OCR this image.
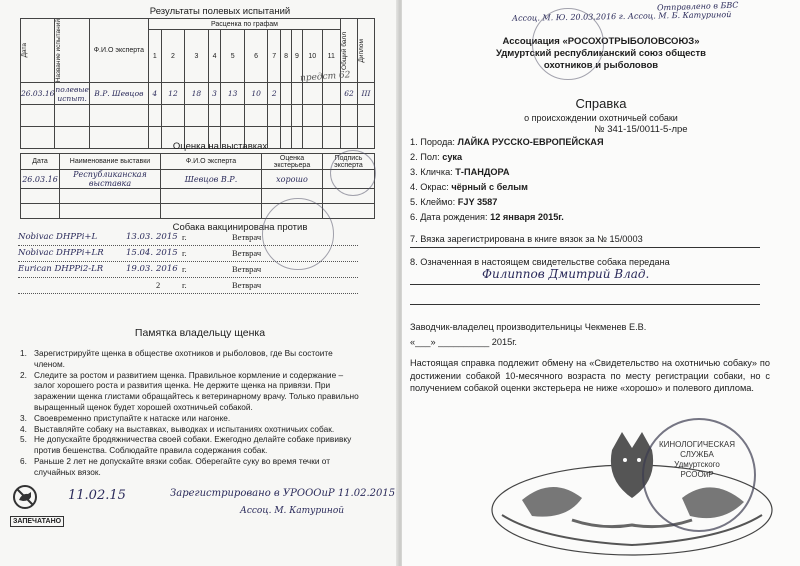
Результаты полевых испытаний
Дата	Название испытаний	Ф.И.О эксперта	Расценка по графам											Общий балл	Диплом

			1	2	3	4	5	6	7	8	9	10	11		
26.03.16	полевые испыт.	В.Р. Шевцов	4	12	18	3	13	10	2					62	ІІІ

предст 62
Оценка на выставках
Дата	Наименование выставки	Ф.И.О эксперта	Оценка экстерьера	Подпись эксперта
26.03.16	Республиканская выставка	Шевцов В.Р.	хорошо	

Собака вакцинирована против
Nobivac DHPPi+L	13.03. 2015 г.	Ветврач
Nobivac DHPPi+LR	15.04. 2015 г.	Ветврач
Eurican DHPPi2-LR	19.03. 2016 г.	Ветврач
2	г.	Ветврач
Памятка владельцу щенка
1. Зарегистрируйте щенка в обществе охотников и рыболовов, где Вы состоите членом.
2. Следите за ростом и развитием щенка. Правильное кормление и содержание – залог хорошего роста и развития щенка. Не держите щенка на привязи. При заражении щенка глистами обращайтесь к ветеринарному врачу. Только правильно выращенный щенок будет хорошей охотничьей собакой.
3. Своевременно приступайте к натаске или нагонке.
4. Выставляйте собаку на выставках, выводках и испытаниях охотничьих собак.
5. Не допускайте бродяжничества своей собаки. Ежегодно делайте собаке прививку против бешенства. Соблюдайте правила содержания собак.
6. Раньше 2 лет не допускайте вязки собак. Оберегайте суку во время течки от случайных вязок.
11.02.15	Зарегистрировано в УРОООиР 11.02.2015
Ассоц. М. Катуриной
ЗАПЕЧАТАНО
Отправлено в БВС
Ассоц. М. Ю. 20.03.2016 г. Ассоц. М. Б. Катуриной
Ассоциация «РОСОХОТРЫБОЛОВСОЮЗ»
Удмуртский республиканский союз обществ
охотников и рыболовов
Справка
о происхождении охотничьей собаки
№ 341-15/0011-5-лре
1. Порода: ЛАЙКА РУССКО-ЕВРОПЕЙСКАЯ
2. Пол: сука
3. Кличка: Т-ПАНДОРА
4. Окрас: чёрный с белым
5. Клеймо: FJY 3587
6. Дата рождения: 12 января 2015г.
7. Вязка зарегистрирована в книге вязок за № 15/0003
8. Означенная в настоящем свидетельстве собака передана
Филиппов Дмитрий Влад.
Заводчик-владелец производительницы Чекменев Е.В.
«___» __________ 2015г.
Настоящая справка подлежит обмену на «Свидетельство на охотничью собаку» по достижении собакой 10-месячного возраста по месту регистрации собаки, но с получением собакой оценки экстерьера не ниже «хорошо» и полевого диплома.
КИНОЛОГИЧЕСКАЯ
СЛУЖБА
Удмуртского
РСООиР
